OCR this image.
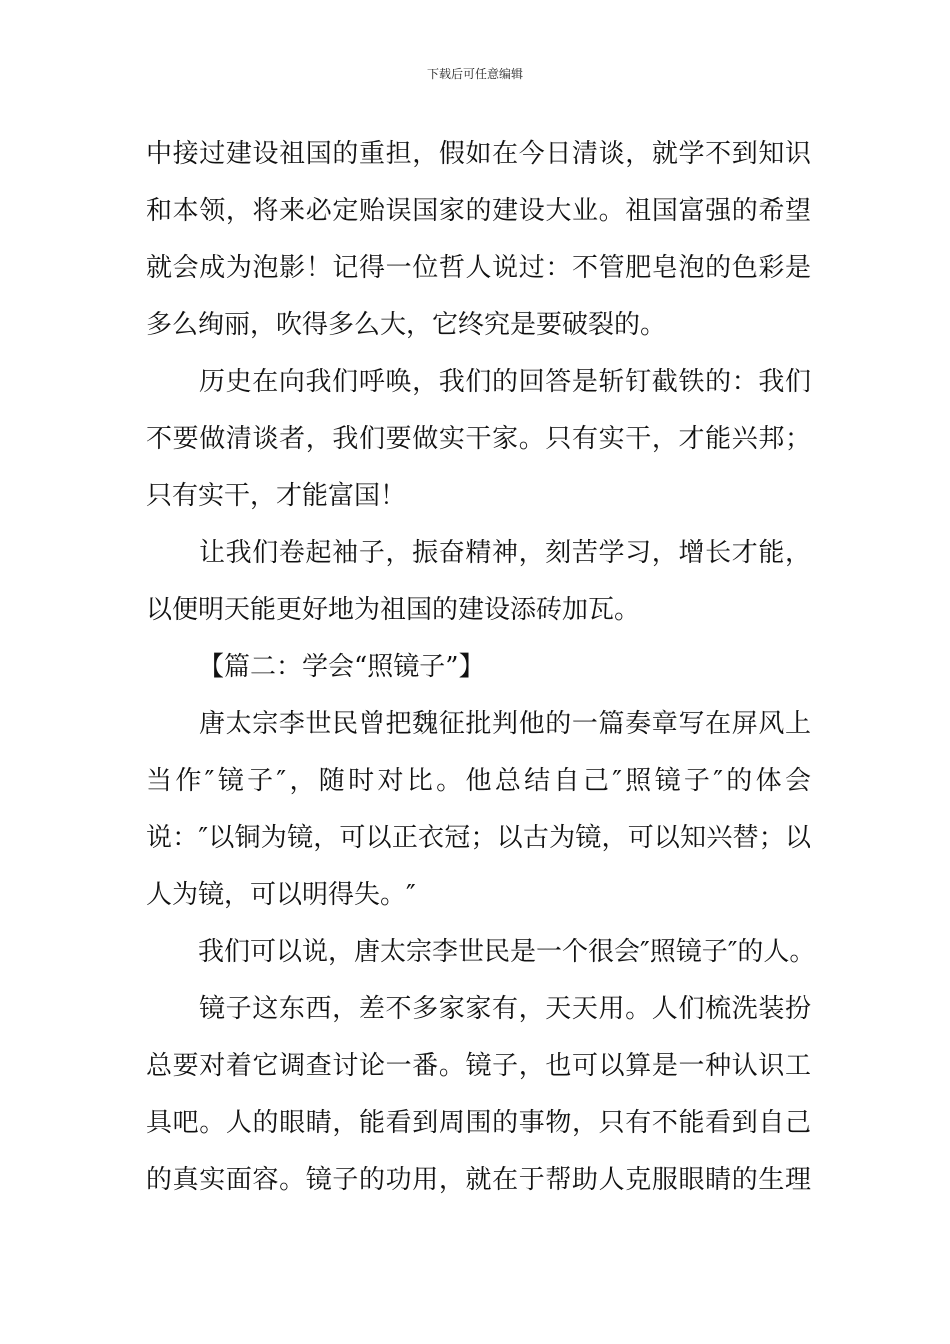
下载后可任意编辑
中接过建设祖国的重担，假如在今日清谈，就学不到知识
和本领，将来必定贻误国家的建设大业。祖国富强的希望
就会成为泡影！记得一位哲人说过：不管肥皂泡的色彩是
多么绚丽，吹得多么大，它终究是要破裂的。
历史在向我们呼唤，我们的回答是斩钉截铁的：我们
不要做清谈者，我们要做实干家。只有实干，才能兴邦；
只有实干，才能富国！
让我们卷起袖子，振奋精神，刻苦学习，增长才能，
以便明天能更好地为祖国的建设添砖加瓦。
【篇二：学会“照镜子”】
唐太宗李世民曾把魏征批判他的一篇奏章写在屏风上
当作″镜子″，随时对比。他总结自己″照镜子″的体会
说：″以铜为镜，可以正衣冠；以古为镜，可以知兴替；以
人为镜，可以明得失。″
我们可以说，唐太宗李世民是一个很会″照镜子″的人。
镜子这东西，差不多家家有，天天用。人们梳洗装扮
总要对着它调查讨论一番。镜子，也可以算是一种认识工
具吧。人的眼睛，能看到周围的事物，只有不能看到自己
的真实面容。镜子的功用，就在于帮助人克服眼睛的生理
